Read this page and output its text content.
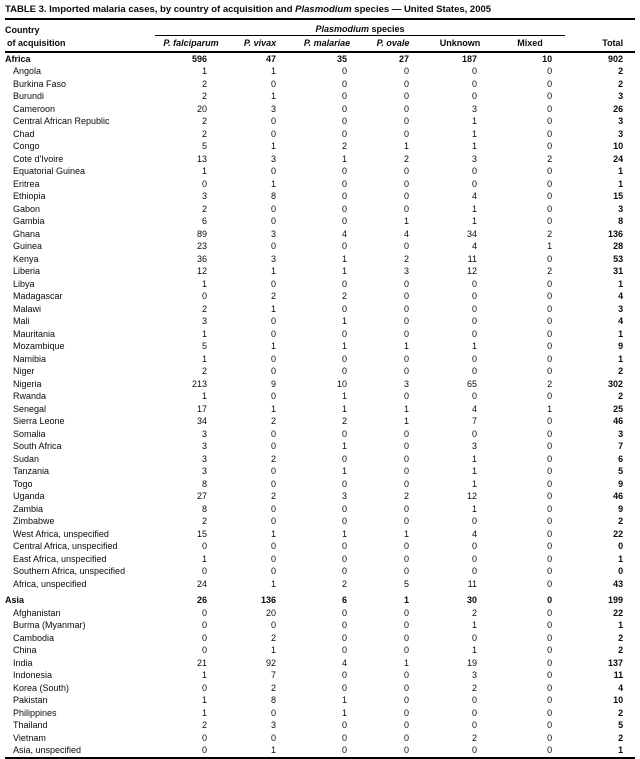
TABLE 3. Imported malaria cases, by country of acquisition and Plasmodium species — United States, 2005
Country	Plasmodium species						
of acquisition	P. falciparum	P. vivax	P. malariae	P. ovale	Unknown	Mixed	Total
Africa	596	47	35	27	187	10	902
Angola	1	1	0	0	0	0	2
Burkina Faso	2	0	0	0	0	0	2
Burundi	2	1	0	0	0	0	3
Cameroon	20	3	0	0	3	0	26
Central African Republic	2	0	0	0	1	0	3
Chad	2	0	0	0	1	0	3
Congo	5	1	2	1	1	0	10
Cote d'Ivoire	13	3	1	2	3	2	24
Equatorial Guinea	1	0	0	0	0	0	1
Eritrea	0	1	0	0	0	0	1
Ethiopia	3	8	0	0	4	0	15
Gabon	2	0	0	0	1	0	3
Gambia	6	0	0	1	1	0	8
Ghana	89	3	4	4	34	2	136
Guinea	23	0	0	0	4	1	28
Kenya	36	3	1	2	11	0	53
Liberia	12	1	1	3	12	2	31
Libya	1	0	0	0	0	0	1
Madagascar	0	2	2	0	0	0	4
Malawi	2	1	0	0	0	0	3
Mali	3	0	1	0	0	0	4
Mauritania	1	0	0	0	0	0	1
Mozambique	5	1	1	1	1	0	9
Namibia	1	0	0	0	0	0	1
Niger	2	0	0	0	0	0	2
Nigeria	213	9	10	3	65	2	302
Rwanda	1	0	1	0	0	0	2
Senegal	17	1	1	1	4	1	25
Sierra Leone	34	2	2	1	7	0	46
Somalia	3	0	0	0	0	0	3
South Africa	3	0	1	0	3	0	7
Sudan	3	2	0	0	1	0	6
Tanzania	3	0	1	0	1	0	5
Togo	8	0	0	0	1	0	9
Uganda	27	2	3	2	12	0	46
Zambia	8	0	0	0	1	0	9
Zimbabwe	2	0	0	0	0	0	2
West Africa, unspecified	15	1	1	1	4	0	22
Central Africa, unspecified	0	0	0	0	0	0	0
East Africa, unspecified	1	0	0	0	0	0	1
Southern Africa, unspecified	0	0	0	0	0	0	0
Africa, unspecified	24	1	2	5	11	0	43
Asia	26	136	6	1	30	0	199
Afghanistan	0	20	0	0	2	0	22
Burma (Myanmar)	0	0	0	0	1	0	1
Cambodia	0	2	0	0	0	0	2
China	0	1	0	0	1	0	2
India	21	92	4	1	19	0	137
Indonesia	1	7	0	0	3	0	11
Korea (South)	0	2	0	0	2	0	4
Pakistan	1	8	1	0	0	0	10
Philippines	1	0	1	0	0	0	2
Thailand	2	3	0	0	0	0	5
Vietnam	0	0	0	0	2	0	2
Asia, unspecified	0	1	0	0	0	0	1
